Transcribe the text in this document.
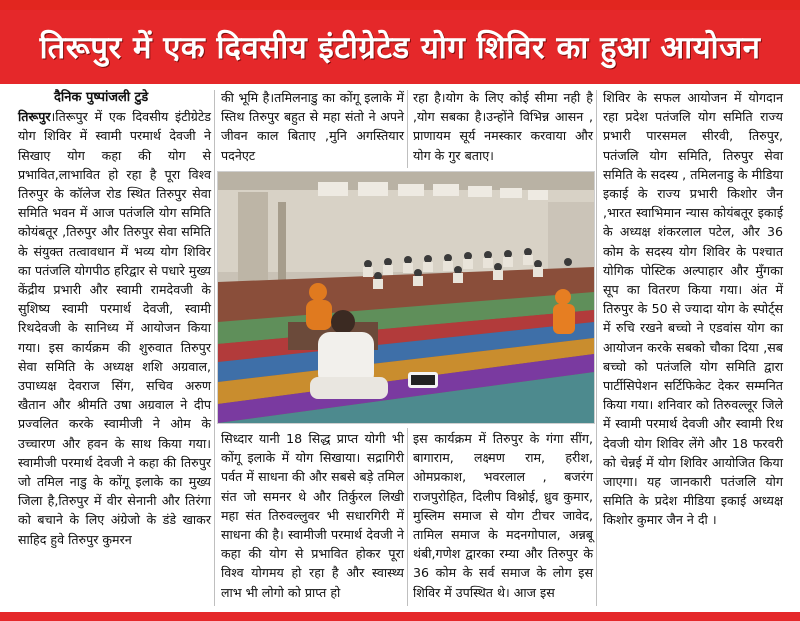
तिरूपुर में एक दिवसीय इंटीग्रेटेड योग शिविर का हुआ आयोजन

दैनिक पुष्पांजली टुडे

तिरूपुर।तिरूपुर में एक दिवसीय इंटीग्रेटेड योग शिविर में स्वामी परमार्थ देवजी ने सिखाए योग कहा की योग से प्रभावित,लाभावित हो रहा है पूरा विश्व तिरुपुर के कॉलेज रोड स्थित तिरुपुर सेवा समिति भवन में आज पतंजलि योग समिति कोयंबतूर ,तिरुपुर और तिरुपुर सेवा समिति के संयुक्त तत्वावधान में भव्य योग शिविर का पतंजलि योगपीठ हरिद्वार से पधारे मुख्य केंद्रीय प्रभारी और स्वामी रामदेवजी के सुशिष्य स्वामी परमार्थ देवजी, स्वामी रिथदेवजी के सानिध्य में आयोजन किया गया। इस कार्यक्रम की शुरुवात तिरुपुर सेवा समिति के अध्यक्ष शशि अग्रवाल, उपाध्यक्ष देवराज सिंग, सचिव अरुण खैतान और श्रीमति उषा अग्रवाल ने दीप प्रज्वलित करके स्वामीजी ने ओम के उच्चारण और हवन के साथ किया गया। स्वामीजी परमार्थ देवजी ने कहा की तिरुपुर जो तमिल नाडु के कोंगू इलाके का मुख्य जिला है,तिरुपुर में वीर सेनानी और तिरंगा को बचाने के लिए अंग्रेजो के डंडे खाकर साहिद हुवे तिरुपुर कुमरन

की भूमि है।तमिलनाडु का कोंगू इलाके में स्तिथ तिरुपुर बहुत से महा संतो ने अपने जीवन काल बिताए ,मुनि अगस्तियार पदनेएट

रहा है।योग के लिए कोई सीमा नही है ,योग सबका है।उन्होंने विभिन्न आसन , प्राणायम सूर्य नमस्कार करवाया और योग के गुर बताए।

सिध्दार यानी 18 सिद्ध प्राप्त योगी भी कोंगू इलाके में योग सिखाया। सद्रागिरी पर्वत में साधना की और सबसे बड़े तमिल संत जो समनर थे और तिर्कुरल लिखी महा संत तिरुवल्लुवर भी सधारगिरी में साधना की है। स्वामीजी परमार्थ देवजी ने कहा की योग से प्रभावित होकर पूरा विश्व योगमय हो रहा है और स्वास्थ्य लाभ भी लोगो को प्राप्त हो

इस कार्यक्रम में तिरुपुर के गंगा सींग, बागाराम, लक्ष्मण राम, हरीश, ओमप्रकाश, भवरलाल , बजरंग राजपुरोहित, दिलीप विश्नोई, ध्रुव कुमार, मुस्लिम समाज से योग टीचर जावेद, तामिल समाज के मदनगोपाल, अन्नबू थंबी,गणेश द्वारका रम्या और तिरुपुर के 36 कोम के सर्व समाज के लोग इस शिविर में उपस्थित थे। आज इस

शिविर के सफल आयोजन में योगदान रहा प्रदेश पतंजलि योग समिति राज्य प्रभारी पारसमल सीरवी, तिरुपुर, पतंजलि योग समिति, तिरुपुर सेवा समिति के सदस्य , तमिलनाडु के मीडिया इकाई के राज्य प्रभारी किशोर जैन ,भारत स्वाभिमान न्यास कोयंबतूर इकाई के अध्यक्ष शंकरलाल पटेल, और 36 कोम के सदस्य योग शिविर के पश्चात योगिक पोस्टिक अल्पाहार और मुँगका सूप का वितरण किया गया। अंत में तिरुपुर के 50 से ज्यादा योग के स्पोर्ट्स में रुचि रखने बच्चो ने एडवांस योग का आयोजन करके सबको चौका दिया ,सब बच्चो को पतंजलि योग समिति द्वारा पार्टीसिपेशन सर्टिफिकेट देकर सम्मनित किया गया। शनिवार को तिरुवल्लूर जिले में स्वामी परमार्थ देवजी और स्वामी रिथ देवजी योग शिविर लेंगे और 18 फरवरी को चेन्नई में योग शिविर आयोजित किया जाएगा। यह जानकारी पतंजलि योग समिति के प्रदेश मीडिया इकाई अध्यक्ष किशोर कुमार जैन ने दी ।
